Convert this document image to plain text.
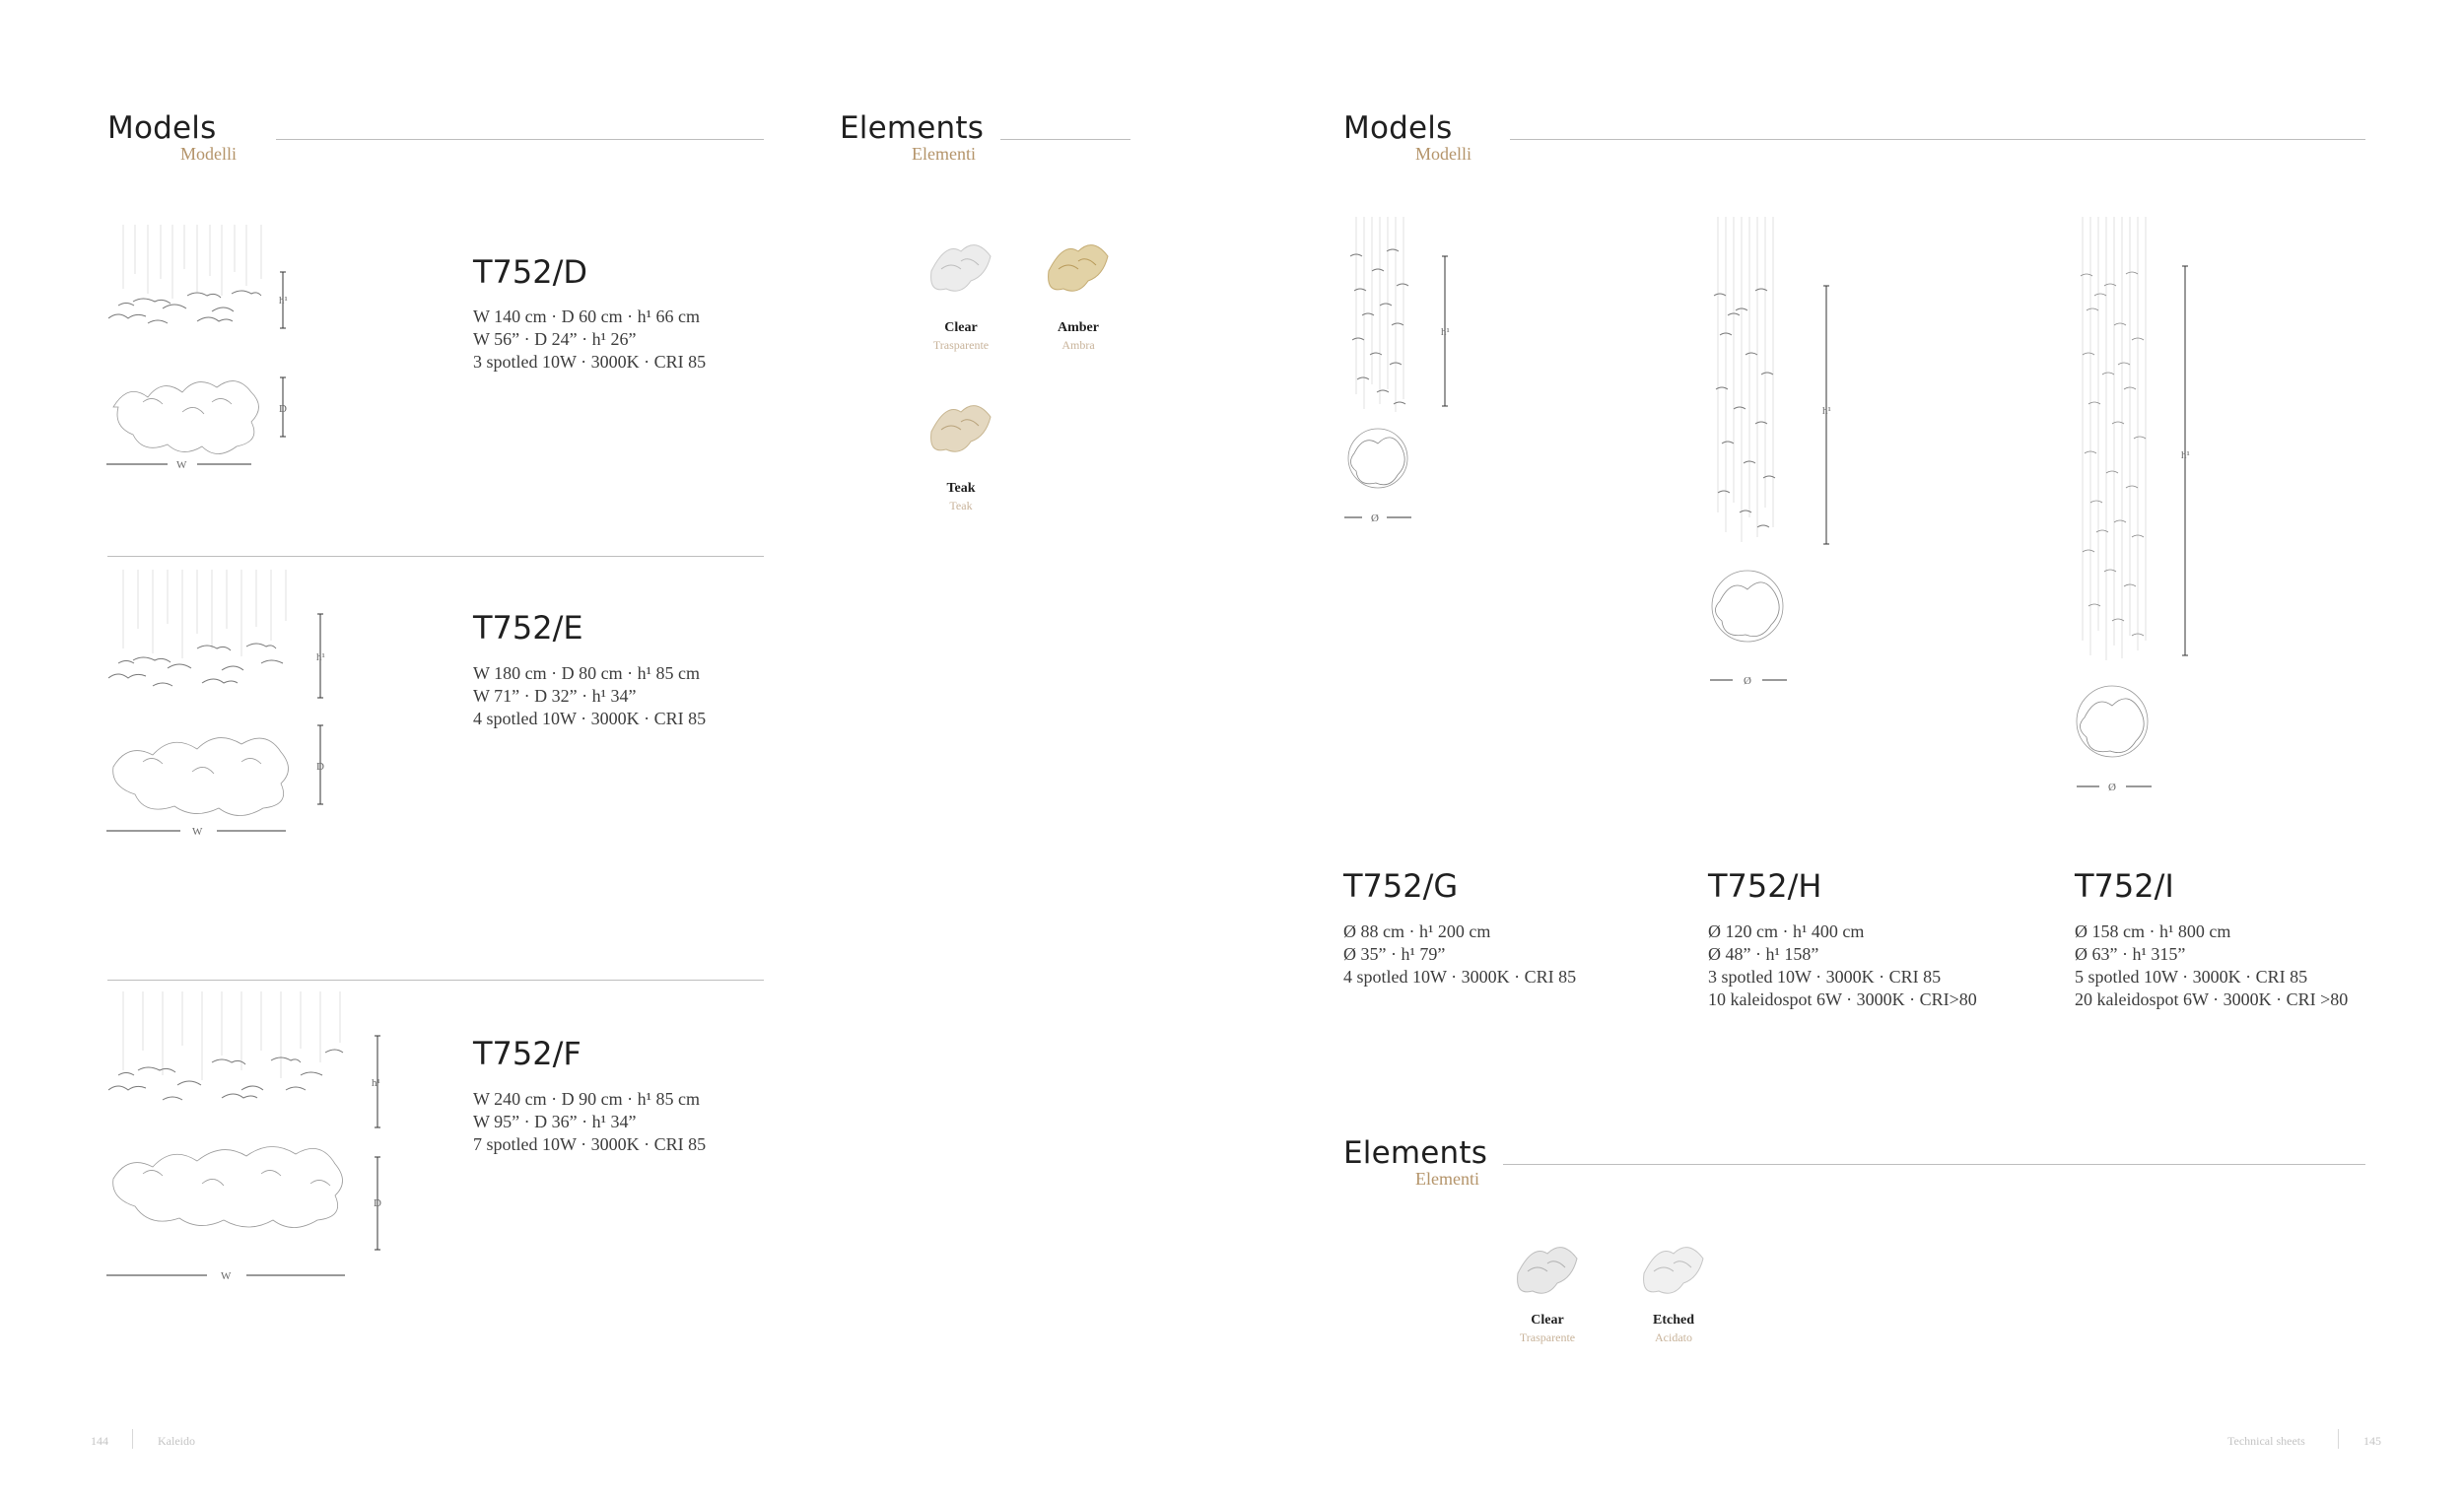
Models
Modelli
Elements
Elementi
h¹
D
W
T752/D
W 140 cm · D 60 cm · h¹ 66 cm
W 56” · D 24” · h¹ 26”
3 spotled 10W · 3000K · CRI 85
h¹
D
W
T752/E
W 180 cm · D 80 cm · h¹ 85 cm
W 71” · D 32” · h¹ 34”
4 spotled 10W · 3000K · CRI 85
h¹
D
W
T752/F
W 240 cm · D 90 cm · h¹ 85 cm
W 95” · D 36” · h¹ 34”
7 spotled 10W · 3000K · CRI 85
Clear
Trasparente
Amber
Ambra
Teak
Teak
144	Kaleido
Models
Modelli
h¹
Ø
h¹
Ø
h¹
Ø
T752/G
Ø 88 cm · h¹ 200 cm
Ø 35” · h¹ 79”
4 spotled 10W · 3000K · CRI 85
T752/H
Ø 120 cm · h¹ 400 cm
Ø 48” · h¹ 158”
3 spotled 10W · 3000K · CRI 85
10 kaleidospot 6W · 3000K · CRI>80
T752/I
Ø 158 cm · h¹ 800 cm
Ø 63” · h¹ 315”
5 spotled 10W · 3000K · CRI 85
20 kaleidospot 6W · 3000K · CRI >80
Elements
Elementi
Clear
Trasparente
Etched
Acidato
Technical sheets	145
